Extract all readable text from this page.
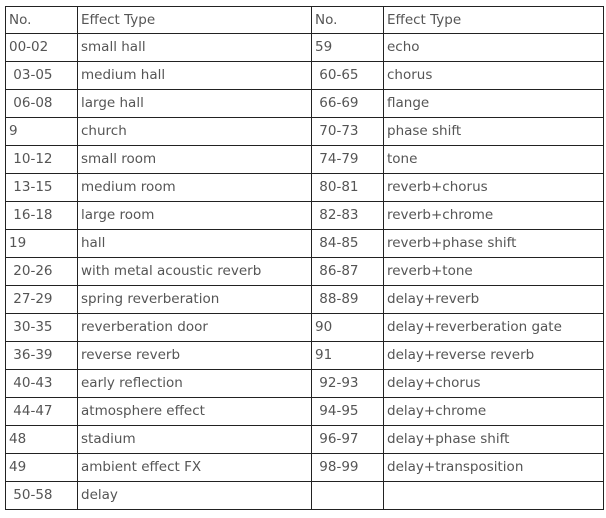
No.	Effect Type	No.	Effect Type
00-02	small hall	59	echo
03-05	medium hall	60-65	chorus
06-08	large hall	66-69	flange
9	church	70-73	phase shift
10-12	small room	74-79	tone
13-15	medium room	80-81	reverb+chorus
16-18	large room	82-83	reverb+chrome
19	hall	84-85	reverb+phase shift
20-26	with metal acoustic reverb	86-87	reverb+tone
27-29	spring reverberation	88-89	delay+reverb
30-35	reverberation door	90	delay+reverberation gate
36-39	reverse reverb	91	delay+reverse reverb
40-43	early reflection	92-93	delay+chorus
44-47	atmosphere effect	94-95	delay+chrome
48	stadium	96-97	delay+phase shift
49	ambient effect FX	98-99	delay+transposition
50-58	delay		
